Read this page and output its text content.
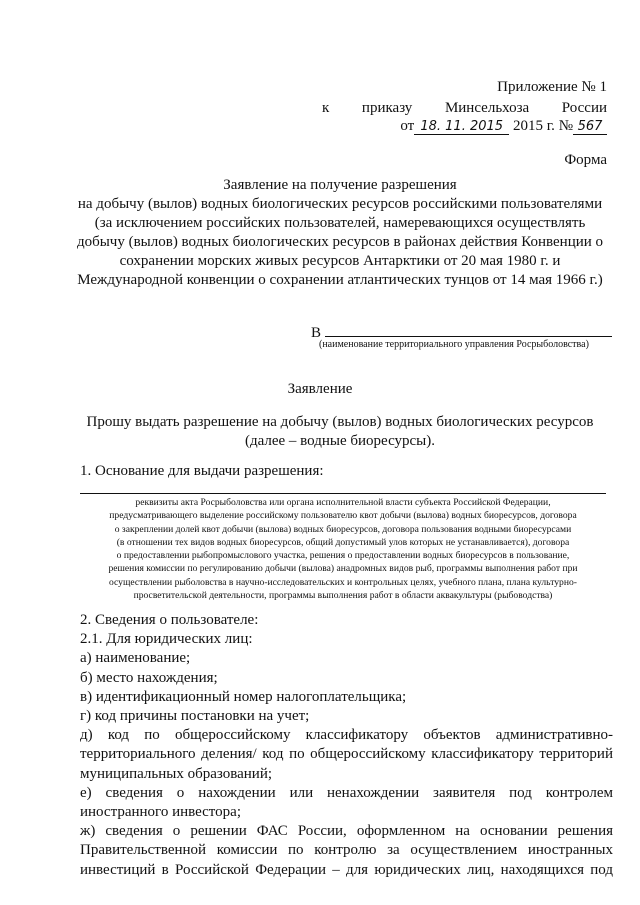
Приложение № 1
к приказу Минсельхоза России
от 18. 11. 2015 2015 г. № 567
Форма
Заявление на получение разрешения
на добычу (вылов) водных биологических ресурсов российскими пользователями
(за исключением российских пользователей, намеревающихся осуществлять
добычу (вылов) водных биологических ресурсов в районах действия Конвенции о
сохранении морских живых ресурсов Антарктики от 20 мая 1980 г. и
Международной конвенции о сохранении атлантических тунцов от 14 мая 1966 г.)
В
(наименование территориального управления Росрыболовства)
Заявление
Прошу выдать разрешение на добычу (вылов) водных биологических ресурсов
(далее – водные биоресурсы).
1. Основание для выдачи разрешения:
реквизиты акта Росрыболовства или органа исполнительной власти субъекта Российской Федерации,
предусматривающего выделение российскому пользователю квот добычи (вылова) водных биоресурсов, договора
о закреплении долей квот добычи (вылова) водных биоресурсов, договора пользования водными биоресурсами
(в отношении тех видов водных биоресурсов, общий допустимый улов которых не устанавливается), договора
о предоставлении рыбопромыслового участка, решения о предоставлении водных биоресурсов в пользование,
решения комиссии по регулированию добычи (вылова) анадромных видов рыб, программы выполнения работ при
осуществлении рыболовства в научно-исследовательских и контрольных целях, учебного плана, плана культурно-
просветительской деятельности, программы выполнения работ в области аквакультуры (рыбоводства)
2. Сведения о пользователе:
2.1. Для юридических лиц:
а) наименование;
б) место нахождения;
в) идентификационный номер налогоплательщика;
г) код причины постановки на учет;
д) код по общероссийскому классификатору объектов административно-
территориального деления/ код по общероссийскому классификатору территорий
муниципальных образований;
е) сведения о нахождении или ненахождении заявителя под контролем
иностранного инвестора;
ж) сведения о решении ФАС России, оформленном на основании решения
Правительственной комиссии по контролю за осуществлением иностранных
инвестиций в Российской Федерации – для юридических лиц, находящихся под
